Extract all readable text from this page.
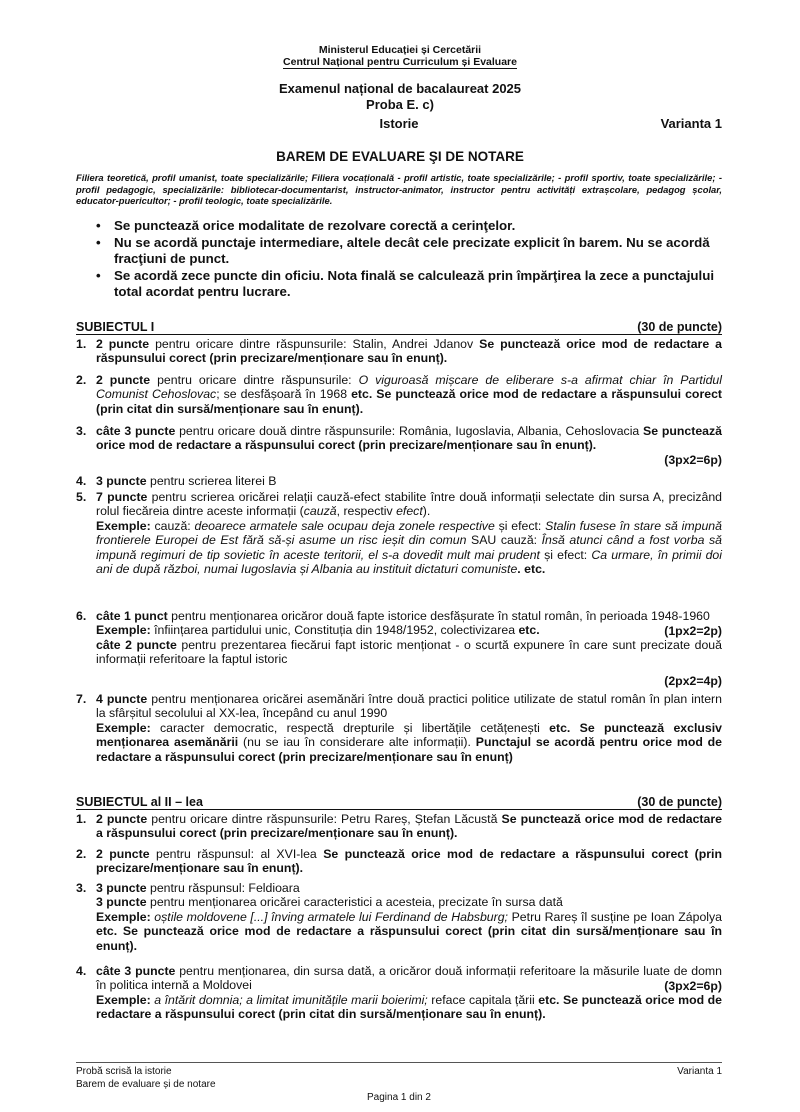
Ministerul Educației și Cercetării
Centrul Național pentru Curriculum și Evaluare
Examenul național de bacalaureat 2025
Proba E. c)
Istorie	Varianta 1
BAREM DE EVALUARE ŞI DE NOTARE
Filiera teoretică, profil umanist, toate specializările; Filiera vocațională - profil artistic, toate specializările; - profil sportiv, toate specializările; - profil pedagogic, specializările: bibliotecar-documentarist, instructor-animator, instructor pentru activități extrașcolare, pedagog școlar, educator-puericultor; - profil teologic, toate specializările.
• Se punctează orice modalitate de rezolvare corectă a cerinţelor.
• Nu se acordă punctaje intermediare, altele decât cele precizate explicit în barem. Nu se acordă fracţiuni de punct.
• Se acordă zece puncte din oficiu. Nota finală se calculează prin împărţirea la zece a punctajului total acordat pentru lucrare.
SUBIECTUL I	(30 de puncte)
1. 2 puncte pentru oricare dintre răspunsurile: Stalin, Andrei Jdanov Se punctează orice mod de redactare a răspunsului corect (prin precizare/menționare sau în enunț).
2. 2 puncte pentru oricare dintre răspunsurile: O viguroasă mișcare de eliberare s-a afirmat chiar în Partidul Comunist Cehoslovac; se desfășoară în 1968 etc. Se punctează orice mod de redactare a răspunsului corect (prin citat din sursă/menționare sau în enunț).
3. câte 3 puncte pentru oricare două dintre răspunsurile: România, Iugoslavia, Albania, Cehoslovacia Se punctează orice mod de redactare a răspunsului corect (prin precizare/menționare sau în enunț).
(3px2=6p)
4. 3 puncte pentru scrierea literei B
5. 7 puncte pentru scrierea oricărei relații cauză-efect stabilite între două informații selectate din sursa A, precizând rolul fiecăreia dintre aceste informații (cauză, respectiv efect).
Exemple: cauză: deoarece armatele sale ocupau deja zonele respective și efect: Stalin fusese în stare să impună frontierele Europei de Est fără să-și asume un risc ieșit din comun SAU cauză: Însă atunci când a fost vorba să impună regimuri de tip sovietic în aceste teritorii, el s-a dovedit mult mai prudent și efect: Ca urmare, în primii doi ani de după război, numai Iugoslavia și Albania au instituit dictaturi comuniste. etc.
6. câte 1 punct pentru menționarea oricăror două fapte istorice desfășurate în statul român, în perioada 1948-1960
Exemple: înființarea partidului unic, Constituția din 1948/1952, colectivizarea etc.
câte 2 puncte pentru prezentarea fiecărui fapt istoric menționat - o scurtă expunere în care sunt precizate două informații referitoare la faptul istoric
(1px2=2p)
(2px2=4p)
7. 4 puncte pentru menționarea oricărei asemănări între două practici politice utilizate de statul român în plan intern la sfârșitul secolului al XX-lea, începând cu anul 1990
Exemple: caracter democratic, respectă drepturile și libertățile cetățenești etc. Se punctează exclusiv menționarea asemănării (nu se iau în considerare alte informații). Punctajul se acordă pentru orice mod de redactare a răspunsului corect (prin precizare/menționare sau în enunț)
SUBIECTUL al II – lea	(30 de puncte)
1. 2 puncte pentru oricare dintre răspunsurile: Petru Rareș, Ștefan Lăcustă Se punctează orice mod de redactare a răspunsului corect (prin precizare/menționare sau în enunț).
2. 2 puncte pentru răspunsul: al XVI-lea Se punctează orice mod de redactare a răspunsului corect (prin precizare/menționare sau în enunț).
3. 3 puncte pentru răspunsul: Feldioara
3 puncte pentru menționarea oricărei caracteristici a acesteia, precizate în sursa dată
Exemple: oștile moldovene [...] înving armatele lui Ferdinand de Habsburg; Petru Rareș îl susține pe Ioan Zápolya etc. Se punctează orice mod de redactare a răspunsului corect (prin citat din sursă/menționare sau în enunț).
4. câte 3 puncte pentru menționarea, din sursa dată, a oricăror două informații referitoare la măsurile luate de domn în politica internă a Moldovei
Exemple: a întărit domnia; a limitat imunitățile marii boierimi; reface capitala țării etc. Se punctează orice mod de redactare a răspunsului corect (prin citat din sursă/menționare sau în enunț).
(3px2=6p)
Probă scrisă la istorie	Varianta 1
Barem de evaluare și de notare
Pagina 1 din 2
